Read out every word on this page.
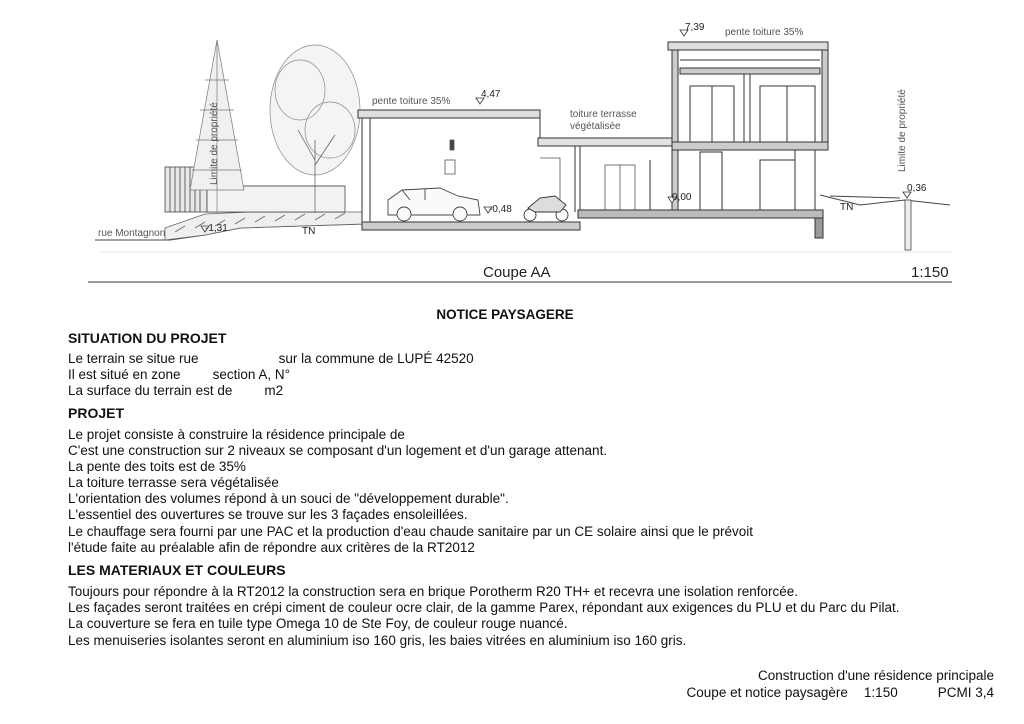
Limite de propriété	Limite de propriété
rue Montagnon	-1,31	TN
pente toiture 35%
4,47
toiture terrasse
végétalisée
-0,48
0,00
7,39 pente toiture 35%
0,36
TN
Coupe AA	1:150
NOTICE PAYSAGERE
SITUATION DU PROJET

Le terrain se situe rue	sur la commune de LUPÉ 42520

Il est situé en zone section A, N°

La surface du terrain est de m2

PROJET

Le projet consiste à construire la résidence principale de

C'est une construction sur 2 niveaux se composant d'un logement et d'un garage attenant.

La pente des toits est de 35%

La toiture terrasse sera végétalisée

L'orientation des volumes répond à un souci de "développement durable".

L'essentiel des ouvertures se trouve sur les 3 façades ensoleillées.

Le chauffage sera fourni par une PAC et la production d'eau chaude sanitaire par un CE solaire ainsi que le prévoit

l'étude faite au préalable afin de répondre aux critères de la RT2012

LES MATERIAUX ET COULEURS

Toujours pour répondre à la RT2012 la construction sera en brique Porotherm R20 TH+ et recevra une isolation renforcée.

Les façades seront traitées en crépi ciment de couleur ocre clair, de la gamme Parex, répondant aux exigences du PLU et du Parc du Pilat.

La couverture se fera en tuile type Omega 10 de Ste Foy, de couleur rouge nuancé.

Les menuiseries isolantes seront en aluminium iso 160 gris, les baies vitrées en aluminium iso 160 gris.

Construction d'une résidence principale
Coupe et notice paysagère 1:150	PCMI 3,4
